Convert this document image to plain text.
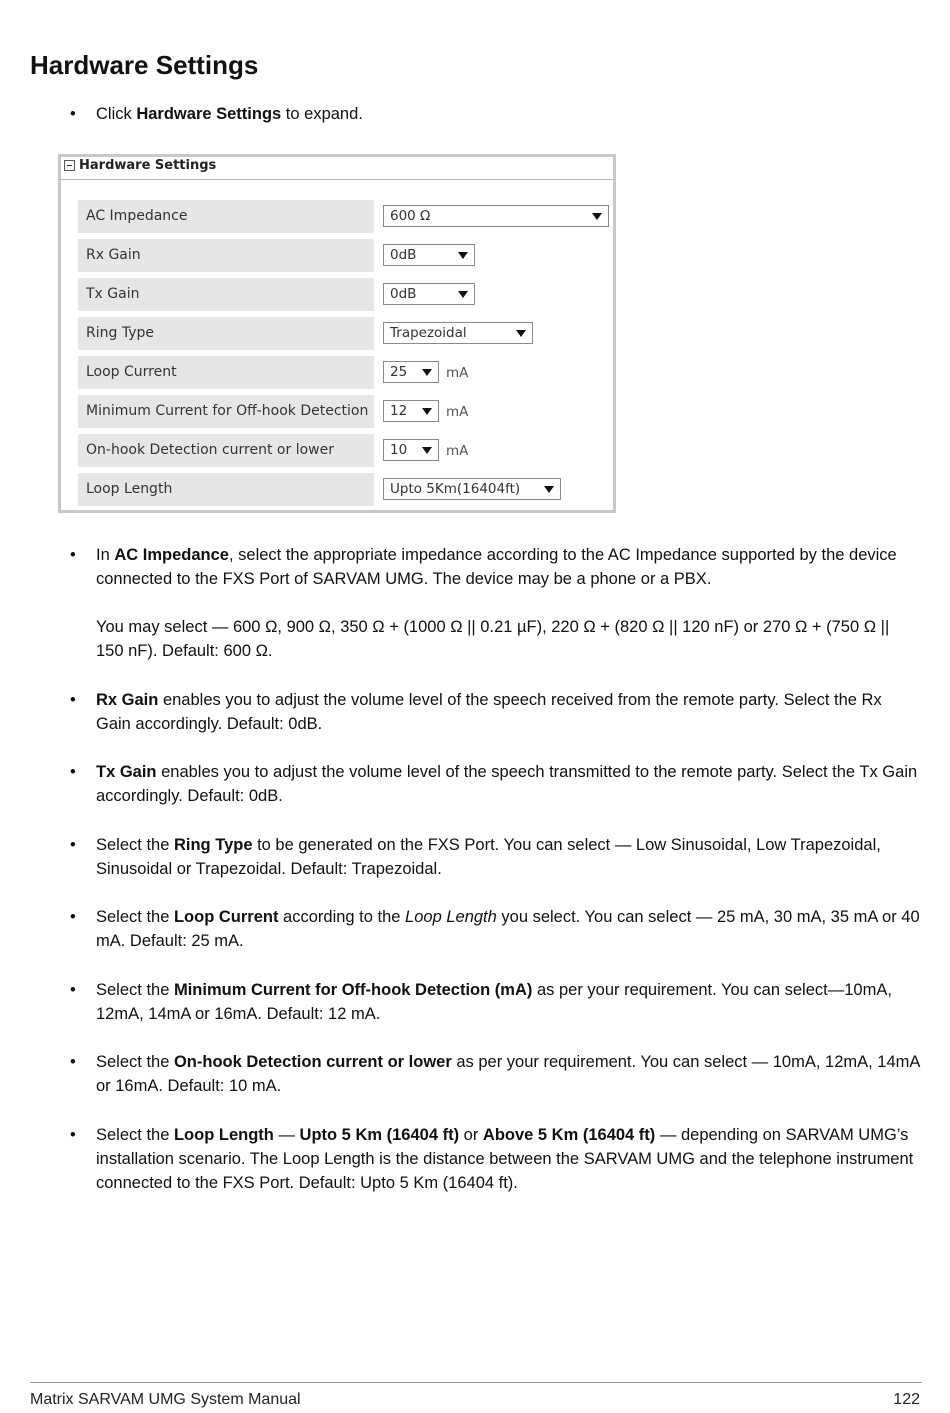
Hardware Settings
•	Click Hardware Settings to expand.
Hardware Settings
AC Impedance	600 Ω
Rx Gain	0dB
Tx Gain	0dB
Ring Type	Trapezoidal
Loop Current	25	mA
Minimum Current for Off-hook Detection	12	mA
On-hook Detection current or lower	10	mA
Loop Length	Upto 5Km(16404ft)
•	In AC Impedance, select the appropriate impedance according to the AC Impedance supported by the device connected to the FXS Port of SARVAM UMG. The device may be a phone or a PBX.
You may select — 600 Ω, 900 Ω, 350 Ω + (1000 Ω || 0.21 µF), 220 Ω + (820 Ω || 120 nF) or 270 Ω + (750 Ω || 150 nF). Default: 600 Ω.
•	Rx Gain enables you to adjust the volume level of the speech received from the remote party. Select the Rx Gain accordingly. Default: 0dB.
•	Tx Gain enables you to adjust the volume level of the speech transmitted to the remote party. Select the Tx Gain accordingly. Default: 0dB.
•	Select the Ring Type to be generated on the FXS Port. You can select — Low Sinusoidal, Low Trapezoidal, Sinusoidal or Trapezoidal. Default: Trapezoidal.
•	Select the Loop Current according to the Loop Length you select. You can select — 25 mA, 30 mA, 35 mA or 40 mA. Default: 25 mA.
•	Select the Minimum Current for Off-hook Detection (mA) as per your requirement. You can select—10mA, 12mA, 14mA or 16mA. Default: 12 mA.
•	Select the On-hook Detection current or lower as per your requirement. You can select — 10mA, 12mA, 14mA or 16mA. Default: 10 mA.
•	Select the Loop Length — Upto 5 Km (16404 ft) or Above 5 Km (16404 ft) — depending on SARVAM UMG’s installation scenario. The Loop Length is the distance between the SARVAM UMG and the telephone instrument connected to the FXS Port. Default: Upto 5 Km (16404 ft).
Matrix SARVAM UMG System Manual	122
